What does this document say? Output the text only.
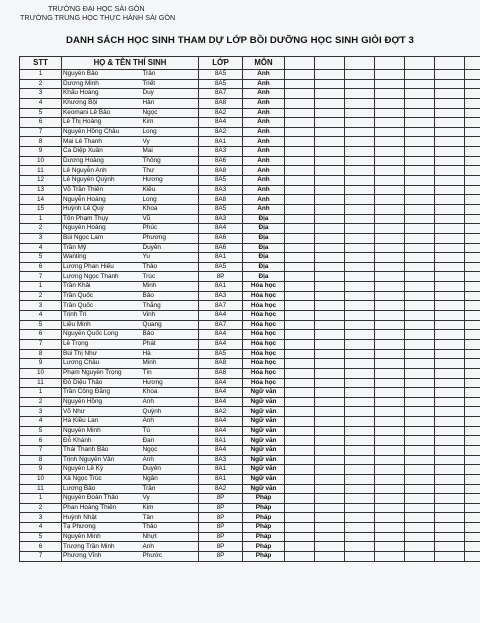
TRƯỜNG ĐẠI HỌC SÀI GÒN
TRƯỜNG TRUNG HỌC THỰC HÀNH SÀI GÒN
DANH SÁCH HỌC SINH THAM DỰ LỚP BỒI DƯỠNG HỌC SINH GIỎI ĐỢT 3
STT	HỌ & TÊN THÍ SINH		LỚP	MÔN							
1	Nguyễn Bảo	Trân	8A5	Anh							
2	Dương Minh	Triết	8A5	Anh							
3	Khấu Hoàng	Duy	8A7	Anh							
4	Khương Bội	Hân	8A8	Anh							
5	Keomani Lê Bảo	Ngọc	8A2	Anh							
6	Lê Thị Hoàng	Kim	8A4	Anh							
7	Nguyễn Hồng Châu	Long	8A2	Anh							
8	Mai Lê Thanh	Vy	8A1	Anh							
9	Ca Diệp Xuân	Mai	8A3	Anh							
10	Dương Hoàng	Thông	8A6	Anh							
11	Lê Nguyễn Anh	Thư	8A8	Anh							
12	Lê Nguyễn Quỳnh	Hương	8A5	Anh							
13	Võ Trần Thiên	Kiều	8A3	Anh							
14	Nguyễn Hoàng	Long	8A8	Anh							
15	Huỳnh Lê Quý	Khoa	8A5	Anh							
1	Tôn Phạm Thụy	Vũ	8A3	Địa							
2	Nguyễn Hoàng	Phúc	8A4	Địa							
3	Bùi Ngọc Lam	Phương	8A6	Địa							
4	Trần Mỹ	Duyên	8A6	Địa							
5	Wanting	Yu	8A1	Địa							
6	Lương Phan Hiếu	Thảo	8A5	Địa							
7	Lương Ngọc Thanh	Trúc	8P	Địa							
1	Trần Khải	Minh	8A1	Hóa học							
2	Trần Quốc	Bảo	8A3	Hóa học							
3	Trần Quốc	Thắng	8A7	Hóa học							
4	Trịnh Trí	Vinh	8A4	Hóa học							
5	Liêu Minh	Quang	8A7	Hóa học							
6	Nguyễn Quốc Long	Bảo	8A4	Hóa học							
7	Lê Trọng	Phát	8A4	Hóa học							
8	Bùi Thị Như	Hà	8A5	Hóa học							
9	Lương Châu	Minh	8A8	Hóa học							
10	Phạm Nguyễn Trọng	Tín	8A8	Hóa học							
11	Đỗ Diệu Thảo	Hương	8A4	Hóa học							
1	Trần Công Đăng	Khoa	8A4	Ngữ văn							
2	Nguyễn Hồng	Anh	8A4	Ngữ văn							
3	Võ Như	Quỳnh	8A2	Ngữ văn							
4	Hà Kiều Lan	Anh	8A4	Ngữ văn							
5	Nguyễn Minh	Tú	8A4	Ngữ văn							
6	Đỗ Khánh	Đan	8A1	Ngữ văn							
7	Thái Thanh Bảo	Ngọc	8A4	Ngữ văn							
8	Trịnh Nguyễn Vân	Anh	8A3	Ngữ văn							
9	Nguyễn Lê Kỳ	Duyên	8A1	Ngữ văn							
10	Xà Ngọc Trúc	Ngân	8A1	Ngữ văn							
11	Lương Bảo	Trân	8A2	Ngữ văn							
1	Nguyễn Đoàn Thảo	Vy	8P	Pháp							
2	Phan Hoàng Thiên	Kim	8P	Pháp							
3	Huỳnh Nhật	Tân	8P	Pháp							
4	Tạ Phương	Thảo	8P	Pháp							
5	Nguyễn Minh	Nhựt	8P	Pháp							
6	Trương Trần Minh	Anh	8P	Pháp							
7	Phương Vĩnh	Phước	8P	Pháp							
